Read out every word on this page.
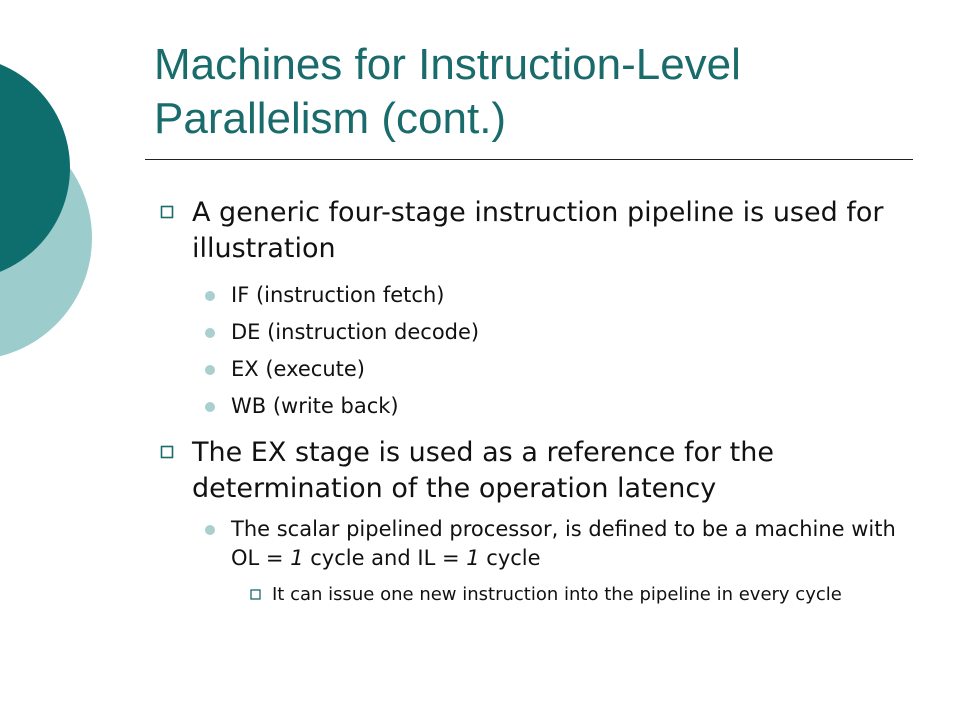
Machines for Instruction-Level Parallelism (cont.)
A generic four-stage instruction pipeline is used for illustration
IF (instruction fetch)
DE (instruction decode)
EX (execute)
WB (write back)
The EX stage is used as a reference for the determination of the operation latency
The scalar pipelined processor, is defined to be a machine with OL = 1 cycle and IL = 1 cycle
It can issue one new instruction into the pipeline in every cycle
